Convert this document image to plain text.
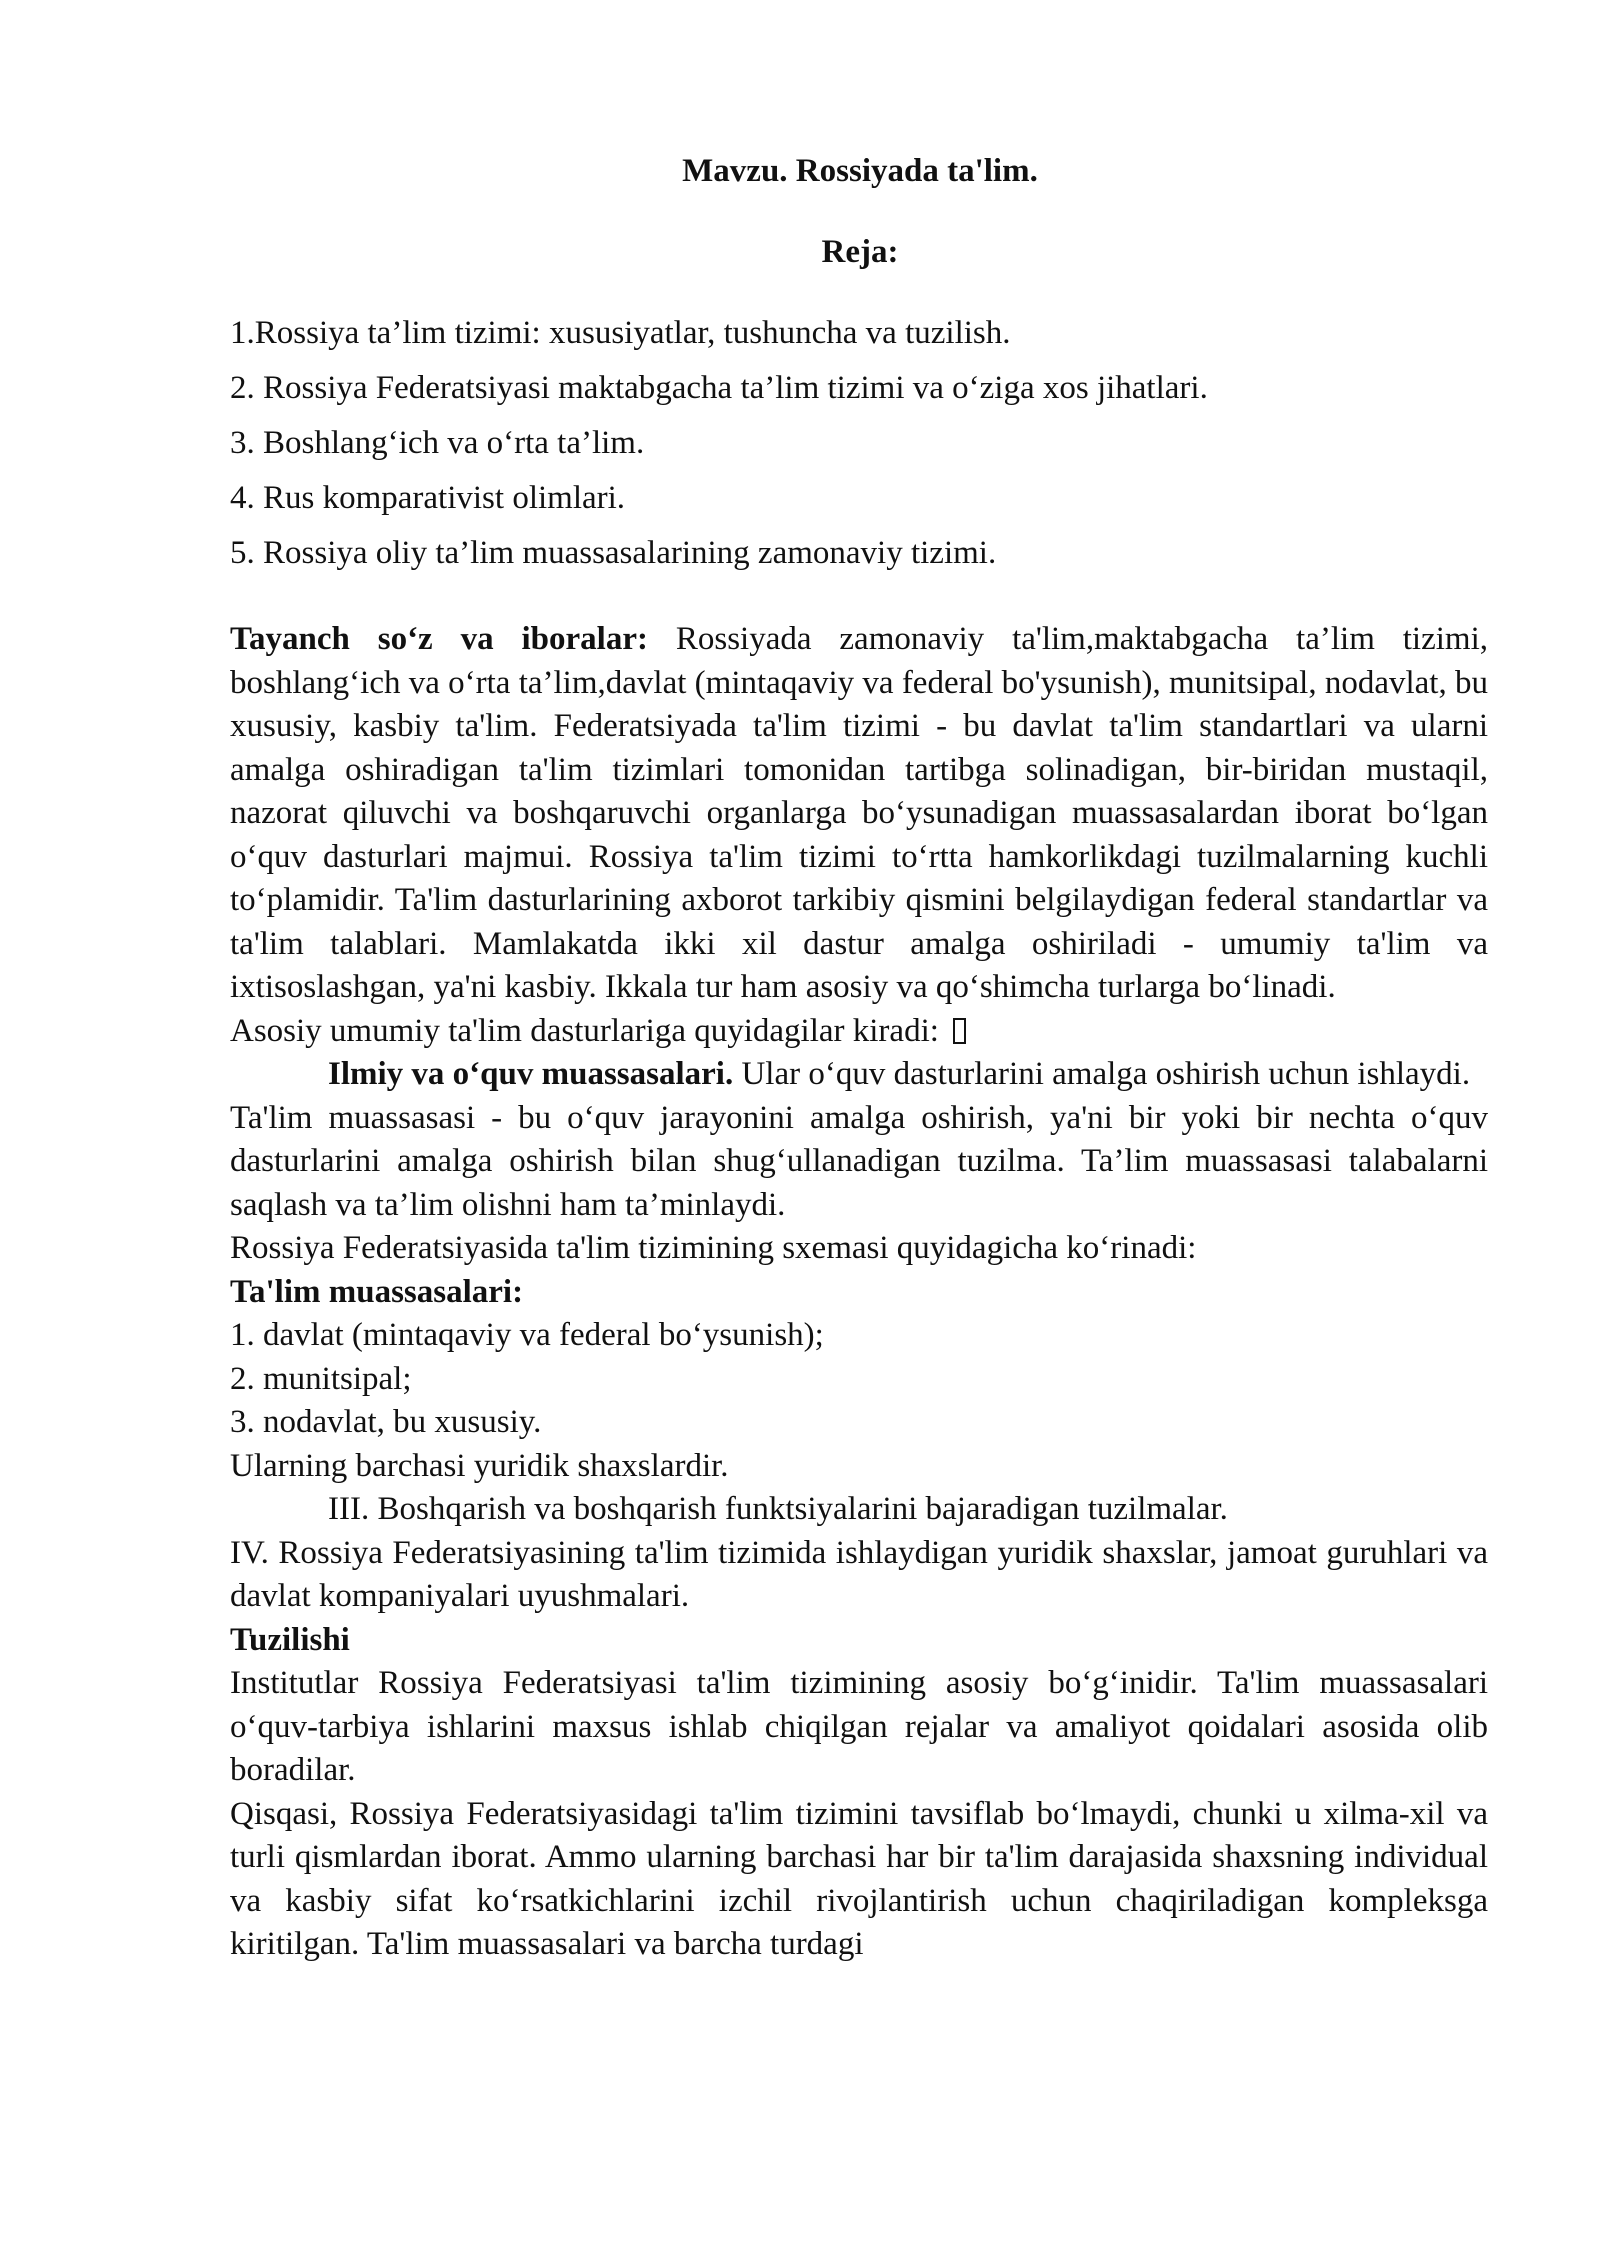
Mavzu. Rossiyada ta'lim.
Reja:
1.Rossiya ta’lim tizimi: xususiyatlar, tushuncha va tuzilish.
2. Rossiya Federatsiyasi maktabgacha ta’lim tizimi va o‘ziga xos jihatlari.
3. Boshlang‘ich va o‘rta ta’lim.
4. Rus komparativist olimlari.
5. Rossiya oliy ta’lim muassasalarining zamonaviy tizimi.

Tayanch so‘z va iboralar: Rossiyada zamonaviy ta'lim,maktabgacha ta’lim tizimi, boshlang‘ich va o‘rta ta’lim,davlat (mintaqaviy va federal bo'ysunish), munitsipal, nodavlat, bu xususiy, kasbiy ta'lim. Federatsiyada ta'lim tizimi - bu davlat ta'lim standartlari va ularni amalga oshiradigan ta'lim tizimlari tomonidan tartibga solinadigan, bir-biridan mustaqil, nazorat qiluvchi va boshqaruvchi organlarga bo‘ysunadigan muassasalardan iborat bo‘lgan o‘quv dasturlari majmui. Rossiya ta'lim tizimi to‘rtta hamkorlikdagi tuzilmalarning kuchli to‘plamidir. Ta'lim dasturlarining axborot tarkibiy qismini belgilaydigan federal standartlar va ta'lim talablari. Mamlakatda ikki xil dastur amalga oshiriladi - umumiy ta'lim va ixtisoslashgan, ya'ni kasbiy. Ikkala tur ham asosiy va qo‘shimcha turlarga bo‘linadi.

Asosiy umumiy ta'lim dasturlariga quyidagilar kiradi:

Ilmiy va o‘quv muassasalari. Ular o‘quv dasturlarini amalga oshirish uchun ishlaydi.

Ta'lim muassasasi - bu o‘quv jarayonini amalga oshirish, ya'ni bir yoki bir nechta o‘quv dasturlarini amalga oshirish bilan shug‘ullanadigan tuzilma. Ta’lim muassasasi talabalarni saqlash va ta’lim olishni ham ta’minlaydi.

Rossiya Federatsiyasida ta'lim tizimining sxemasi quyidagicha ko‘rinadi:

Ta'lim muassasalari:

1. davlat (mintaqaviy va federal bo‘ysunish);

2. munitsipal;

3. nodavlat, bu xususiy.

Ularning barchasi yuridik shaxslardir.

III. Boshqarish va boshqarish funktsiyalarini bajaradigan tuzilmalar.

IV. Rossiya Federatsiyasining ta'lim tizimida ishlaydigan yuridik shaxslar, jamoat guruhlari va davlat kompaniyalari uyushmalari.

Tuzilishi

Institutlar Rossiya Federatsiyasi ta'lim tizimining asosiy bo‘g‘inidir. Ta'lim muassasalari o‘quv-tarbiya ishlarini maxsus ishlab chiqilgan rejalar va amaliyot qoidalari asosida olib boradilar.

Qisqasi, Rossiya Federatsiyasidagi ta'lim tizimini tavsiflab bo‘lmaydi, chunki u xilma-xil va turli qismlardan iborat. Ammo ularning barchasi har bir ta'lim darajasida shaxsning individual va kasbiy sifat ko‘rsatkichlarini izchil rivojlantirish uchun chaqiriladigan kompleksga kiritilgan. Ta'lim muassasalari va barcha turdagi
